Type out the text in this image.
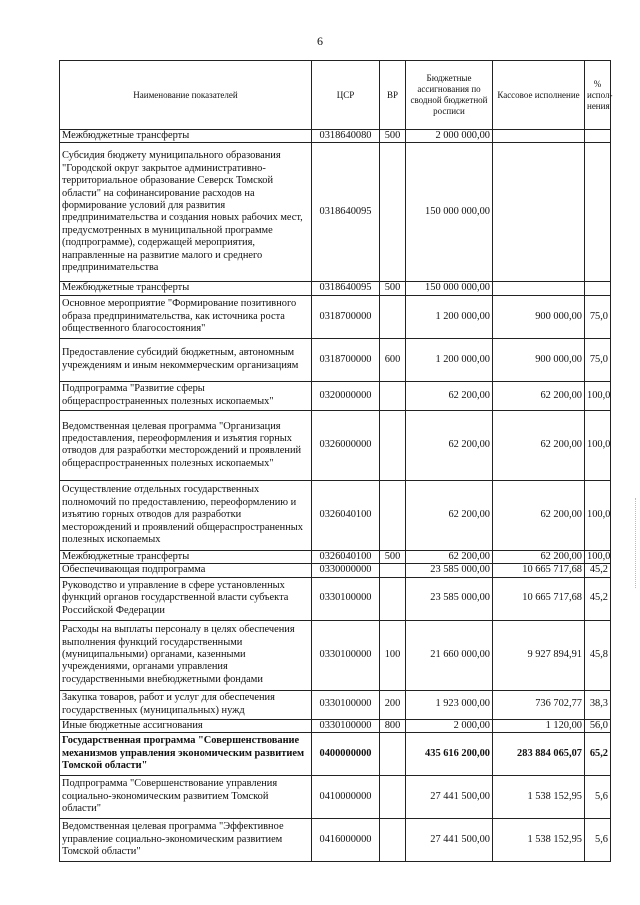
6
Наименование показателей	ЦСР	ВР	Бюджетные ассигнования по сводной бюджетной росписи	Кассовое исполнение	% испол-нения
Межбюджетные трансферты	0318640080	500	2 000 000,00		
Субсидия бюджету муниципального образования "Городской округ закрытое административно-территориальное образование Северск Томской области" на софинансирование расходов на формирование условий для развития предпринимательства и создания новых рабочих мест, предусмотренных в муниципальной программе (подпрограмме), содержащей мероприятия, направленные на развитие малого и среднего предпринимательства	0318640095		150 000 000,00		
Межбюджетные трансферты	0318640095	500	150 000 000,00		
Основное мероприятие "Формирование позитивного образа предпринимательства, как источника роста общественного благосостояния"	0318700000		1 200 000,00	900 000,00	75,0
Предоставление субсидий бюджетным, автономным учреждениям и иным некоммерческим организациям	0318700000	600	1 200 000,00	900 000,00	75,0
Подпрограмма "Развитие сферы общераспространенных полезных ископаемых"	0320000000		62 200,00	62 200,00	100,0
Ведомственная целевая программа "Организация предоставления, переоформления и изъятия горных отводов для разработки месторождений и проявлений общераспространенных полезных ископаемых"	0326000000		62 200,00	62 200,00	100,0
Осуществление отдельных государственных полномочий по предоставлению, переоформлению и изъятию горных отводов для разработки месторождений и проявлений общераспространенных полезных ископаемых	0326040100		62 200,00	62 200,00	100,0
Межбюджетные трансферты	0326040100	500	62 200,00	62 200,00	100,0
Обеспечивающая подпрограмма	0330000000		23 585 000,00	10 665 717,68	45,2
Руководство и управление в сфере установленных функций органов государственной власти субъекта Российской Федерации	0330100000		23 585 000,00	10 665 717,68	45,2
Расходы на выплаты персоналу в целях обеспечения выполнения функций государственными (муниципальными) органами, казенными учреждениями, органами управления государственными внебюджетными фондами	0330100000	100	21 660 000,00	9 927 894,91	45,8
Закупка товаров, работ и услуг для обеспечения государственных (муниципальных) нужд	0330100000	200	1 923 000,00	736 702,77	38,3
Иные бюджетные ассигнования	0330100000	800	2 000,00	1 120,00	56,0
Государственная программа "Совершенствование механизмов управления экономическим развитием Томской области"	0400000000		435 616 200,00	283 884 065,07	65,2
Подпрограмма "Совершенствование управления социально-экономическим развитием Томской области"	0410000000		27 441 500,00	1 538 152,95	5,6
Ведомственная целевая программа "Эффективное управление социально-экономическим развитием Томской области"	0416000000		27 441 500,00	1 538 152,95	5,6
